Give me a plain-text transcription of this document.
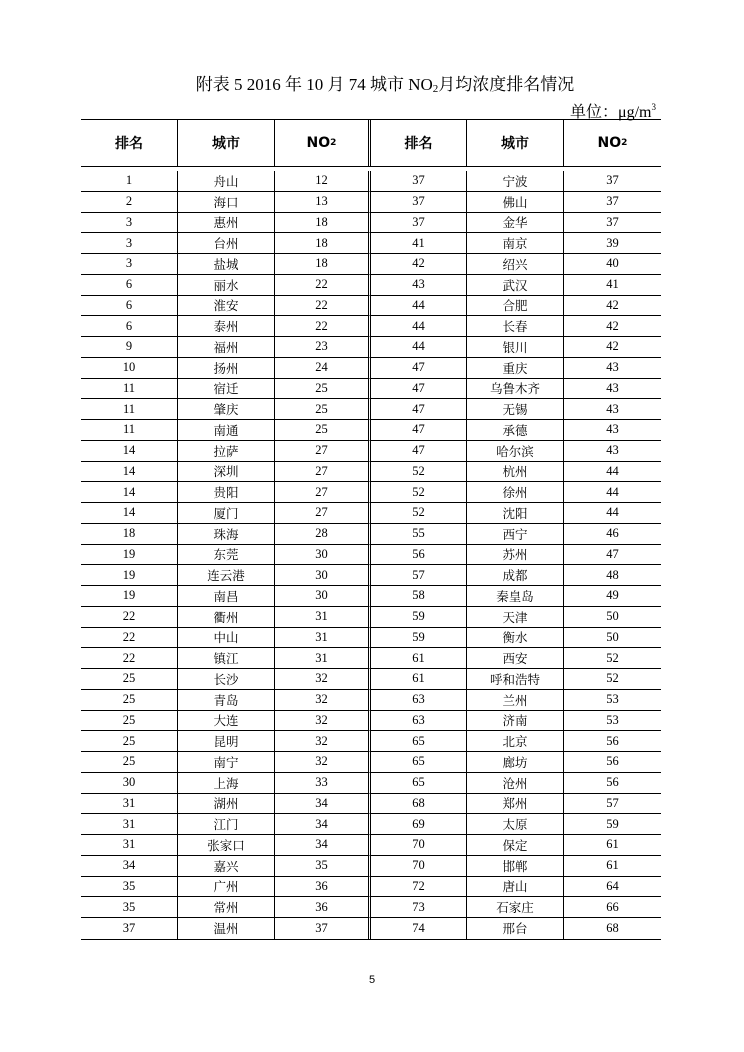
附表 5 2016 年 10 月 74 城市 $NO_2$月均浓度排名情况
单位：$\mu g/m^3$
排名	城市	NO 2	排名	城市	NO 2
1	舟山	12	37	宁波	37
2	海口	13	37	佛山	37
3	惠州	18	37	金华	37
3	台州	18	41	南京	39
3	盐城	18	42	绍兴	40
6	丽水	22	43	武汉	41
6	淮安	22	44	合肥	42
6	泰州	22	44	长春	42
9	福州	23	44	银川	42
10	扬州	24	47	重庆	43
11	宿迁	25	47	乌鲁木齐	43
11	肇庆	25	47	无锡	43
11	南通	25	47	承德	43
14	拉萨	27	47	哈尔滨	43
14	深圳	27	52	杭州	44
14	贵阳	27	52	徐州	44
14	厦门	27	52	沈阳	44
18	珠海	28	55	西宁	46
19	东莞	30	56	苏州	47
19	连云港	30	57	成都	48
19	南昌	30	58	秦皇岛	49
22	衢州	31	59	天津	50
22	中山	31	59	衡水	50
22	镇江	31	61	西安	52
25	长沙	32	61	呼和浩特	52
25	青岛	32	63	兰州	53
25	大连	32	63	济南	53
25	昆明	32	65	北京	56
25	南宁	32	65	廊坊	56
30	上海	33	65	沧州	56
31	湖州	34	68	郑州	57
31	江门	34	69	太原	59
31	张家口	34	70	保定	61
34	嘉兴	35	70	邯郸	61
35	广州	36	72	唐山	64
35	常州	36	73	石家庄	66
37	温州	37	74	邢台	68
5
